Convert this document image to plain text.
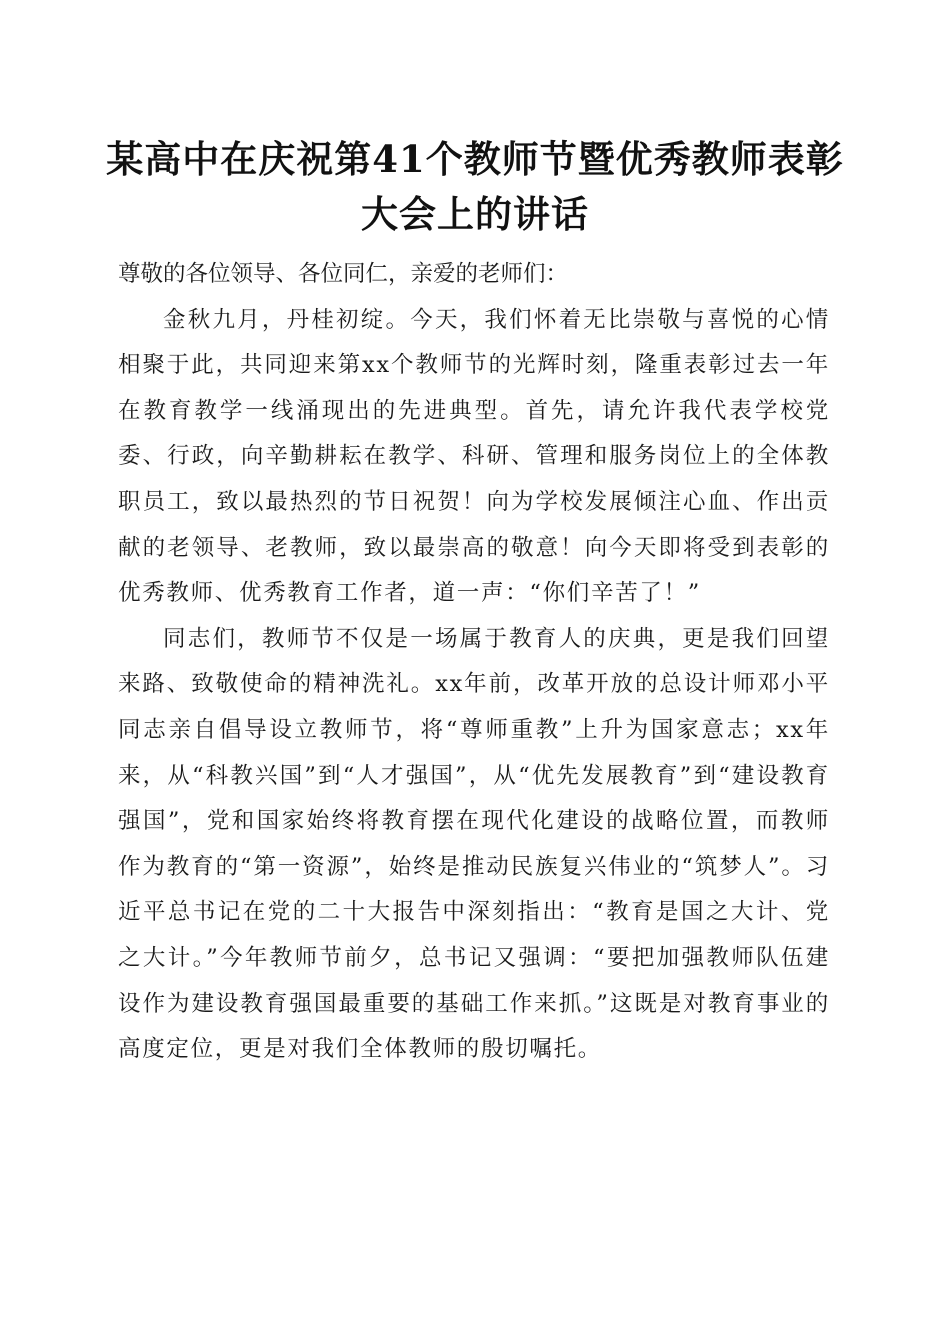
某高中在庆祝第41个教师节暨优秀教师表彰
大会上的讲话

尊敬的各位领导、各位同仁，亲爱的老师们：

金秋九月，丹桂初绽。今天，我们怀着无比崇敬与喜悦的心情相聚于此，共同迎来第xx个教师节的光辉时刻，隆重表彰过去一年在教育教学一线涌现出的先进典型。首先，请允许我代表学校党委、行政，向辛勤耕耘在教学、科研、管理和服务岗位上的全体教职员工，致以最热烈的节日祝贺！向为学校发展倾注心血、作出贡献的老领导、老教师，致以最崇高的敬意！向今天即将受到表彰的优秀教师、优秀教育工作者，道一声：“你们辛苦了！”

同志们，教师节不仅是一场属于教育人的庆典，更是我们回望来路、致敬使命的精神洗礼。xx年前，改革开放的总设计师邓小平同志亲自倡导设立教师节，将“尊师重教”上升为国家意志；xx年来，从“科教兴国”到“人才强国”，从“优先发展教育”到“建设教育强国”，党和国家始终将教育摆在现代化建设的战略位置，而教师作为教育的“第一资源”，始终是推动民族复兴伟业的“筑梦人”。习近平总书记在党的二十大报告中深刻指出：“教育是国之大计、党之大计。”今年教师节前夕，总书记又强调：“要把加强教师队伍建设作为建设教育强国最重要的基础工作来抓。”这既是对教育事业的高度定位，更是对我们全体教师的殷切嘱托。
